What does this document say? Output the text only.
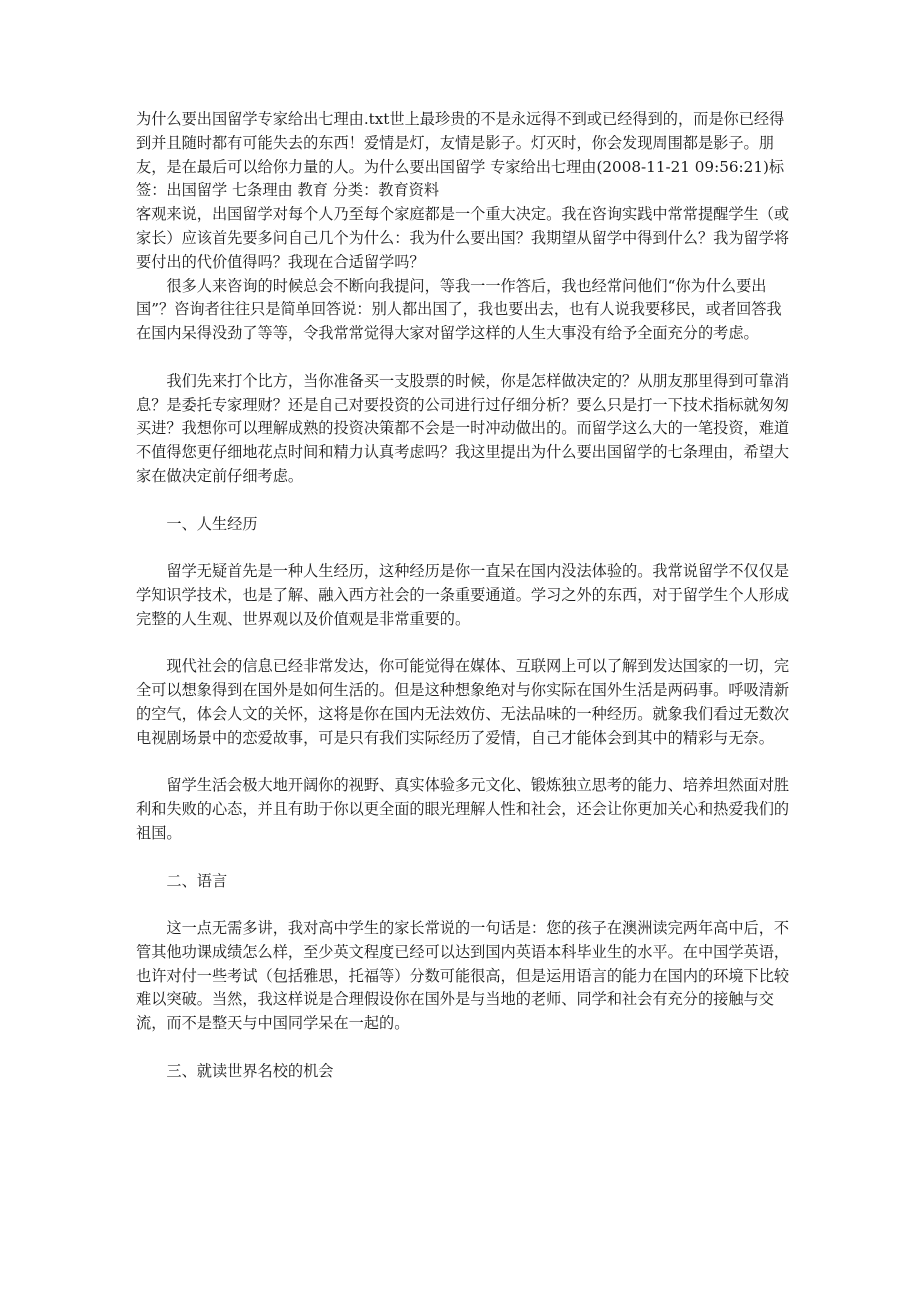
为什么要出国留学专家给出七理由.txt世上最珍贵的不是永远得不到或已经得到的，而是你已经得到并且随时都有可能失去的东西！爱情是灯，友情是影子。灯灭时，你会发现周围都是影子。朋友，是在最后可以给你力量的人。为什么要出国留学 专家给出七理由(2008-11-21 09:56:21)标签：出国留学 七条理由 教育 分类：教育资料

客观来说，出国留学对每个人乃至每个家庭都是一个重大决定。我在咨询实践中常常提醒学生（或家长）应该首先要多问自己几个为什么：我为什么要出国？我期望从留学中得到什么？我为留学将要付出的代价值得吗？我现在合适留学吗？

很多人来咨询的时候总会不断向我提问，等我一一作答后，我也经常问他们“你为什么要出国”？咨询者往往只是简单回答说：别人都出国了，我也要出去，也有人说我要移民，或者回答我在国内呆得没劲了等等，令我常常觉得大家对留学这样的人生大事没有给予全面充分的考虑。

我们先来打个比方，当你准备买一支股票的时候，你是怎样做决定的？从朋友那里得到可靠消息？是委托专家理财？还是自己对要投资的公司进行过仔细分析？要么只是打一下技术指标就匆匆买进？我想你可以理解成熟的投资决策都不会是一时冲动做出的。而留学这么大的一笔投资，难道不值得您更仔细地花点时间和精力认真考虑吗？我这里提出为什么要出国留学的七条理由，希望大家在做决定前仔细考虑。

一、人生经历

留学无疑首先是一种人生经历，这种经历是你一直呆在国内没法体验的。我常说留学不仅仅是学知识学技术，也是了解、融入西方社会的一条重要通道。学习之外的东西，对于留学生个人形成完整的人生观、世界观以及价值观是非常重要的。

现代社会的信息已经非常发达，你可能觉得在媒体、互联网上可以了解到发达国家的一切，完全可以想象得到在国外是如何生活的。但是这种想象绝对与你实际在国外生活是两码事。呼吸清新的空气，体会人文的关怀，这将是你在国内无法效仿、无法品味的一种经历。就象我们看过无数次电视剧场景中的恋爱故事，可是只有我们实际经历了爱情，自己才能体会到其中的精彩与无奈。

留学生活会极大地开阔你的视野、真实体验多元文化、锻炼独立思考的能力、培养坦然面对胜利和失败的心态，并且有助于你以更全面的眼光理解人性和社会，还会让你更加关心和热爱我们的祖国。

二、语言

这一点无需多讲，我对高中学生的家长常说的一句话是：您的孩子在澳洲读完两年高中后，不管其他功课成绩怎么样，至少英文程度已经可以达到国内英语本科毕业生的水平。在中国学英语，也许对付一些考试（包括雅思，托福等）分数可能很高，但是运用语言的能力在国内的环境下比较难以突破。当然，我这样说是合理假设你在国外是与当地的老师、同学和社会有充分的接触与交流，而不是整天与中国同学呆在一起的。

三、就读世界名校的机会
